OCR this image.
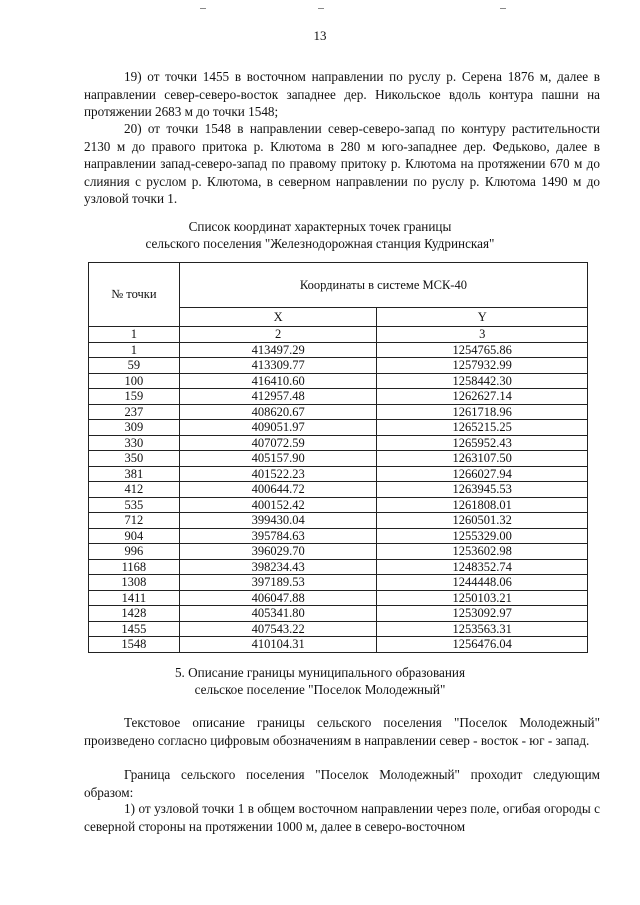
13

19) от точки 1455 в восточном направлении по руслу р. Серена 1876 м, далее в направлении север-северо-восток западнее дер. Никольское вдоль контура пашни на протяжении 2683 м до точки 1548;

20) от точки 1548 в направлении север-северо-запад по контуру растительности 2130 м до правого притока р. Клютома в 280 м юго-западнее дер. Федьково, далее в направлении запад-северо-запад по правому притоку р. Клютома на протяжении 670 м до слияния с руслом р. Клютома, в северном направлении по руслу р. Клютома 1490 м до узловой точки 1.

Список координат характерных точек границы

сельского поселения "Железнодорожная станция Кудринская"

№ точки	Координаты в системе МСК-40	
	X	Y
1	2	3
1	413497.29	1254765.86
59	413309.77	1257932.99
100	416410.60	1258442.30
159	412957.48	1262627.14
237	408620.67	1261718.96
309	409051.97	1265215.25
330	407072.59	1265952.43
350	405157.90	1263107.50
381	401522.23	1266027.94
412	400644.72	1263945.53
535	400152.42	1261808.01
712	399430.04	1260501.32
904	395784.63	1255329.00
996	396029.70	1253602.98
1168	398234.43	1248352.74
1308	397189.53	1244448.06
1411	406047.88	1250103.21
1428	405341.80	1253092.97
1455	407543.22	1253563.31
1548	410104.31	1256476.04

5. Описание границы муниципального образования

сельское поселение "Поселок Молодежный"

Текстовое описание границы сельского поселения "Поселок Молодежный" произведено согласно цифровым обозначениям в направлении север - восток - юг - запад.

Граница сельского поселения "Поселок Молодежный" проходит следующим образом:

1) от узловой точки 1 в общем восточном направлении через поле, огибая огороды с северной стороны на протяжении 1000 м, далее в северо-восточном
